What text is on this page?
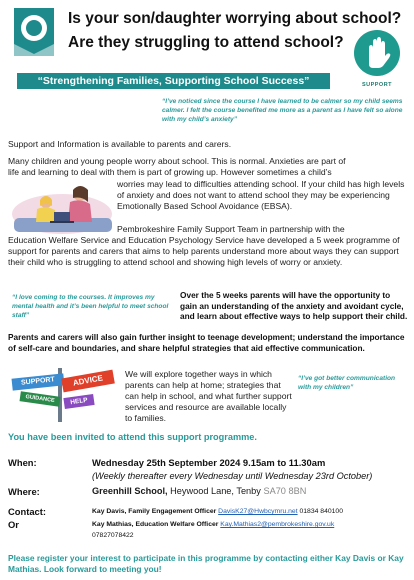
Is your son/daughter worrying about school?
Are they struggling to attend school?
SUPPORT
“Strengthening Families, Supporting School Success”
“I’ve noticed since the course I have learned to be calmer so my child seems calmer. I felt the course benefited me more as a parent as I have felt so alone with my child’s anxiety”
Support and Information is available to parents and carers.
Many children and young people worry about school. This is normal. Anxieties are part of
life and learning to deal with them is part of growing up. However sometimes a child’s
worries may lead to difficulties attending school. If your child has high levels of anxiety and does not want to attend school they may be experiencing Emotionally Based School Avoidance (EBSA).
Pembrokeshire Family Support Team in partnership with the
Education Welfare Service and Education Psychology Service have developed a 5 week programme of support for parents and carers that aims to help parents understand more about ways they can support their child who is struggling to attend school and showing high levels of worry or anxiety.
“I love coming to the courses. It improves my mental health and it’s been helpful to meet school staff”
Over the 5 weeks parents will have the opportunity to gain an understanding of the anxiety and avoidant cycle, and learn about effective ways to help support their child.
Parents and carers will also gain further insight to teenage development; understand the importance of self-care and boundaries, and share helpful strategies that aid effective communication.
SUPPORT	ADVICE
GUIDANCE	HELP
We will explore together ways in which parents can help at home; strategies that can help in school, and what further support services and resource are available locally to families.
“I’ve got better communication with my children”
You have been invited to attend this support programme.
When:	Wednesday 25th September 2024 9.15am to 11.30am
(Weekly thereafter every Wednesday until Wednesday 23rd October)
Where:	Greenhill School, Heywood Lane, Tenby SA70 8BN
Contact:	Kay Davis, Family Engagement Officer DavisK27@Hwbcymru.net 01834 840100
Or	Kay Mathias, Education Welfare Officer Kay.Mathias2@pembrokeshire.gov.uk
07827078422
Please register your interest to participate in this programme by contacting either Kay Davis or Kay Mathias. Look forward to meeting you!
